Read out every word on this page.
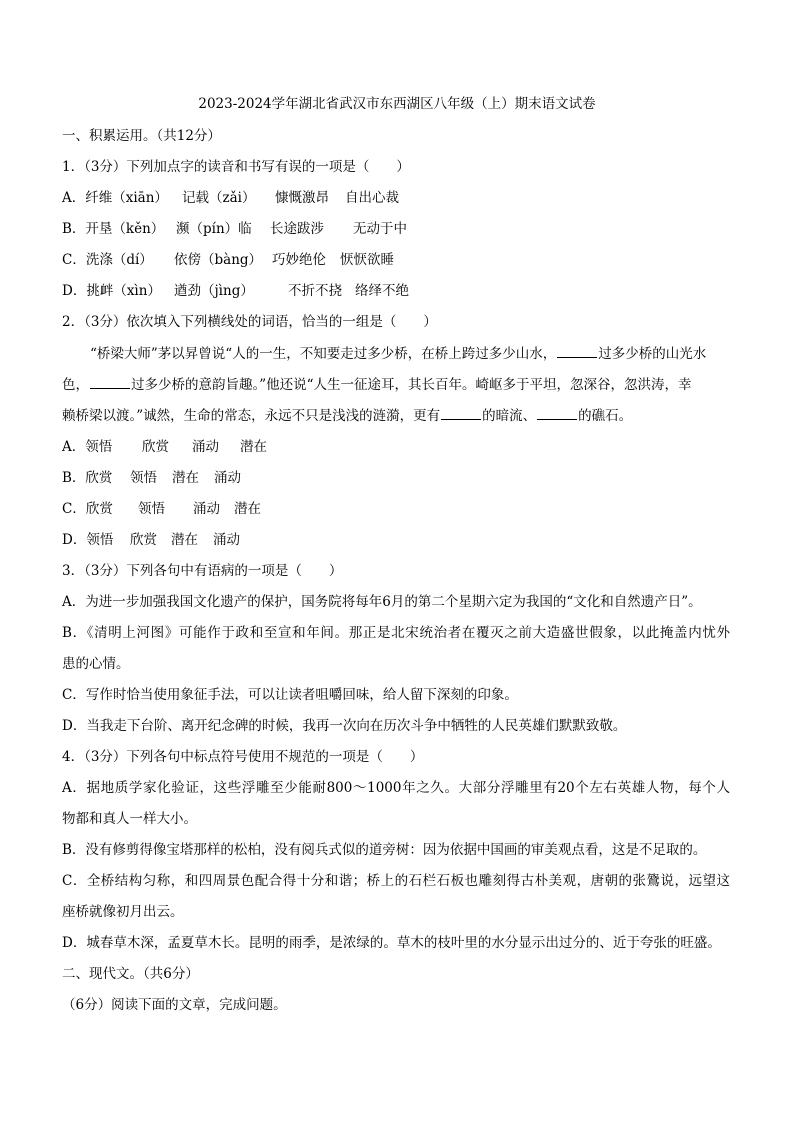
2023-2024学年湖北省武汉市东西湖区八年级（上）期末语文试卷
一、积累运用。（共12分）
1．（3分）下列加点字的读音和书写有误的一项是（　　）
A．纤维（xiān） 记载（zǎi） 慷慨激昂 自出心裁
B．开垦（kěn） 濒（pín）临 长途跋涉 无动于中
C．洗涤（dí） 依傍（bàng） 巧妙绝伦 恹恹欲睡
D．挑衅（xìn） 遒劲（jìng）	不折不挠 络绎不绝
2．（3分）依次填入下列横线处的词语，恰当的一组是（　　）
“桥梁大师”茅以昇曾说“人的一生，不知要走过多少桥，在桥上跨过多少山水，	过多少桥的山光水
色，	过多少桥的意韵旨趣。”他还说“人生一征途耳，其长百年。崎岖多于平坦，忽深谷，忽洪涛，幸
赖桥梁以渡。”诚然，生命的常态，永远不只是浅浅的涟漪，更有	的暗流、	的礁石。
A．领悟 欣赏 涌动 潜在
B．欣赏 领悟 潜在 涌动
C．欣赏 领悟 涌动 潜在
D．领悟 欣赏 潜在 涌动
3．（3分）下列各句中有语病的一项是（　　）
A．为进一步加强我国文化遗产的保护，国务院将每年6月的第二个星期六定为我国的“文化和自然遗产日”。
B．《清明上河图》可能作于政和至宣和年间。那正是北宋统治者在覆灭之前大造盛世假象，以此掩盖内忧外
患的心情。
C．写作时恰当使用象征手法，可以让读者咀嚼回味，给人留下深刻的印象。
D．当我走下台阶、离开纪念碑的时候，我再一次向在历次斗争中牺牲的人民英雄们默默致敬。
4．（3分）下列各句中标点符号使用不规范的一项是（　　）
A．据地质学家化验证，这些浮雕至少能耐800～1000年之久。大部分浮雕里有20个左右英雄人物，每个人
物都和真人一样大小。
B．没有修剪得像宝塔那样的松柏，没有阅兵式似的道旁树：因为依据中国画的审美观点看，这是不足取的。
C．全桥结构匀称，和四周景色配合得十分和谐；桥上的石栏石板也雕刻得古朴美观，唐朝的张鷟说，远望这
座桥就像初月出云。
D．城春草木深，孟夏草木长。昆明的雨季，是浓绿的。草木的枝叶里的水分显示出过分的、近于夸张的旺盛。
二、现代文。（共6分）
（6分）阅读下面的文章，完成问题。
